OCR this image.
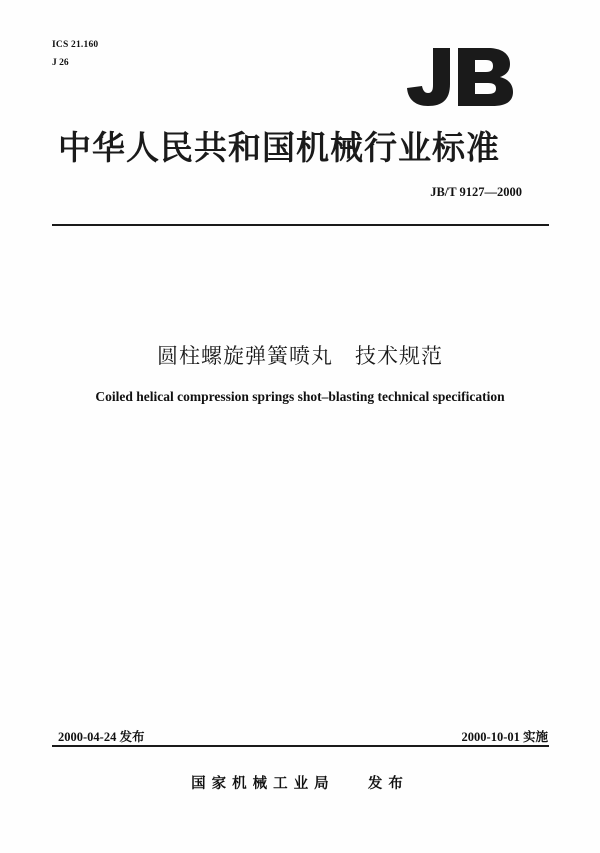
ICS 21.160
J 26
中华人民共和国机械行业标准
JB/T 9127—2000
圆柱螺旋弹簧喷丸　技术规范
Coiled helical compression springs shot–blasting technical specification
2000-04-24 发布	2000-10-01 实施
国家机械工业局   发布
